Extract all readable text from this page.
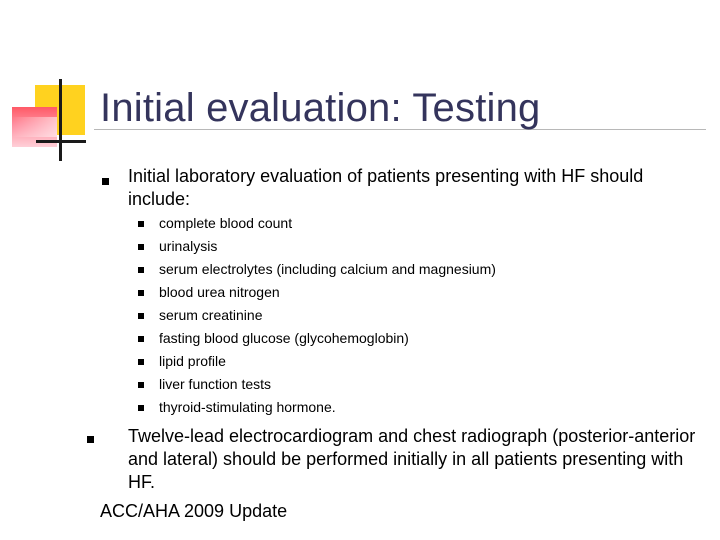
Initial evaluation: Testing
Initial laboratory evaluation of patients presenting with HF should include:
complete blood count
urinalysis
serum electrolytes (including calcium and magnesium)
blood urea nitrogen
serum creatinine
fasting blood glucose (glycohemoglobin)
lipid profile
liver function tests
thyroid-stimulating hormone.
Twelve-lead electrocardiogram and chest radiograph (posterior-anterior and lateral) should be performed initially in all patients presenting with HF.
ACC/AHA 2009 Update
